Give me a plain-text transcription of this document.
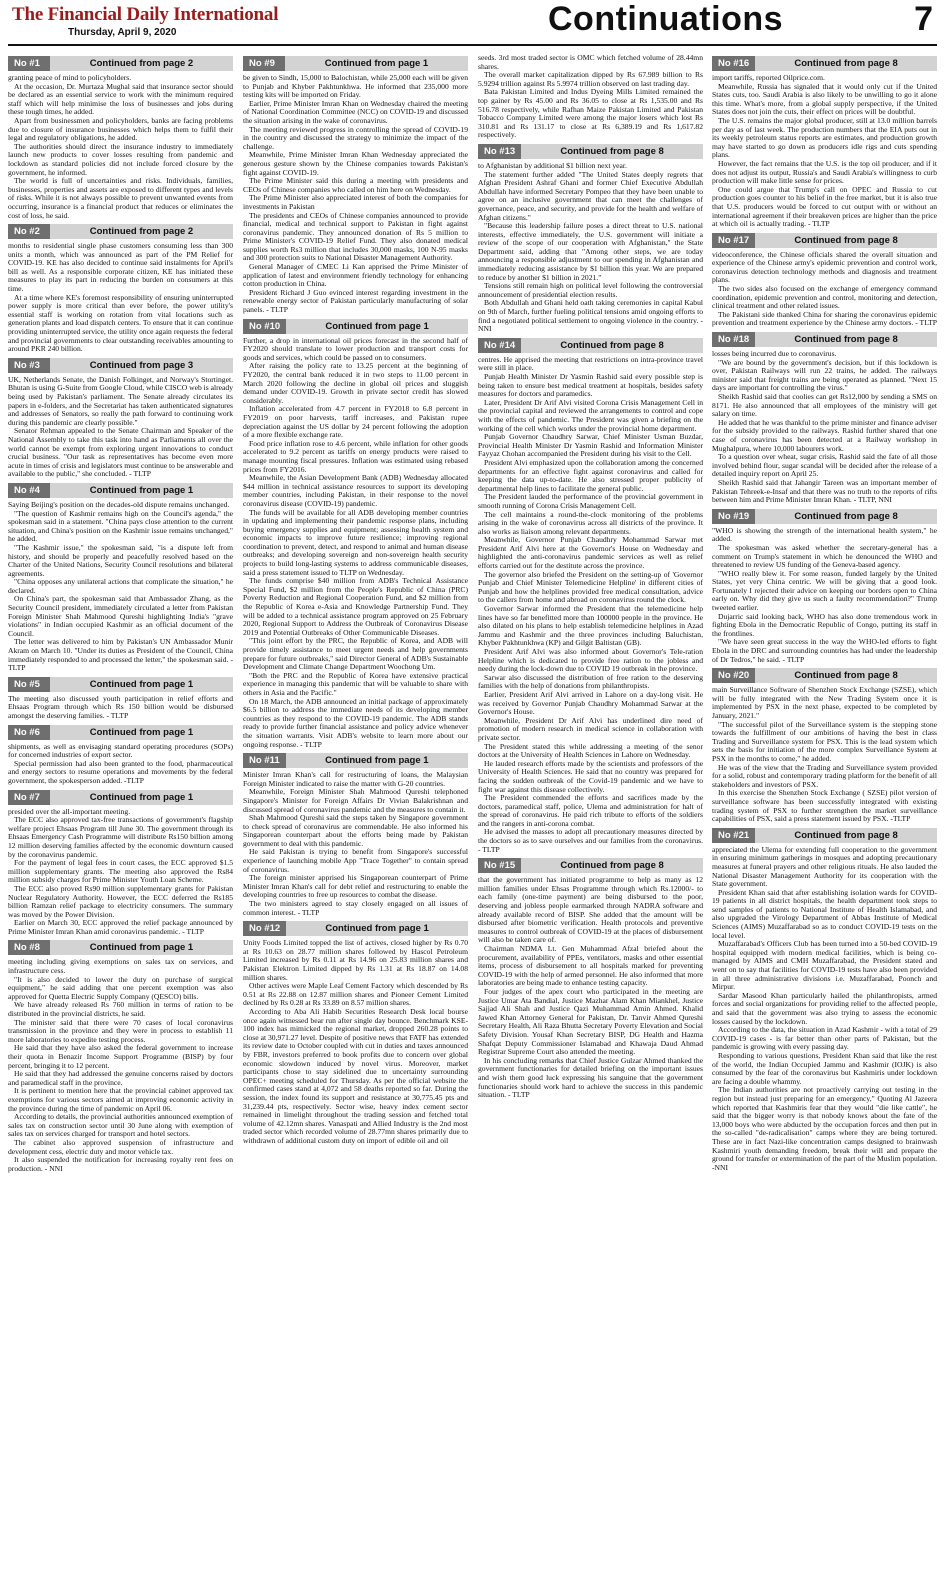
The Financial Daily International
Thursday, April 9, 2020	Continuations	7
No #1	Continued from page 2

granting peace of mind to policyholders.

At the occasion, Dr. Murtaza Mughal said that insurance sector should be declared as an essential service to work with the minimum required staff which will help minimise the loss of businesses and jobs during these tough times, he added.

Apart from businessmen and policyholders, banks are facing problems due to closure of insurance businesses which helps them to fulfil their legal and regulatory obligations, he added.

The authorities should direct the insurance industry to immediately launch new products to cover losses resulting from pandemic and lockdown as standard policies did not include forced closure by the government, he informed.

The world is full of uncertainties and risks. Individuals, families, businesses, properties and assets are exposed to different types and levels of risks. While it is not always possible to prevent unwanted events from occurring, insurance is a financial product that reduces or eliminates the cost of loss, he said.

No #2	Continued from page 2

months to residential single phase customers consuming less than 300 units a month, which was announced as part of the PM Relief for COVID-19. KE has also decided to continue said instalments for April's bill as well. As a responsible corporate citizen, KE has initiated these measures to play its part in reducing the burden on consumers at this time.

At a time where KE's foremost responsibility of ensuring uninterrupted power supply is more critical than ever before, the power utility's essential staff is working on rotation from vital locations such as generation plants and load dispatch centers. To ensure that it can continue providing uninterrupted service, the utility once again requests the federal and provincial governments to clear outstanding receivables amounting to around PKR 240 billion.

No #3	Continued from page 3

UK, Netherlands Senate, the Danish Folkinget, and Norway's Stortinget. Bhutan is using G-Suite from Google Cloud, while CISCO web is already being used by Pakistan's parliament. The Senate already circulates its papers in e-folders, and the Secretariat has taken authenticated signatures and addresses of Senators, so really the path forward to continuing work during this pandemic are clearly possible."

Senator Rehman appealed to the Senate Chairman and Speaker of the National Assembly to take this task into hand as Parliaments all over the world cannot be exempt from exploring urgent innovations to conduct crucial business. "Our task as representatives has become even more acute in times of crisis and legislators must continue to be answerable and available to the public," she concluded. - TLTP

No #4	Continued from page 1

Saying Beijing's position on the decades-old dispute remains unchanged.

"The question of Kashmir remains high on the Council's agenda," the spokesman said in a statement. "China pays close attention to the current situation, and China's position on the Kashmir issue remains unchanged," he added.

"The Kashmir issue," the spokesman said, "is a dispute left from history, and should be properly and peacefully resolved based on the Charter of the United Nations, Security Council resolutions and bilateral agreements.

"China opposes any unilateral actions that complicate the situation," he declared.

On China's part, the spokesman said that Ambassador Zhang, as the Security Council president, immediately circulated a letter from Pakistan Foreign Minister Shah Mahmood Qureshi highlighting India's "grave violations" in Indian occupied Kashmir as an official document of the Council.

The letter was delivered to him by Pakistan's UN Ambassador Munir Akram on March 10. "Under its duties as President of the Council, China immediately responded to and processed the letter," the spokesman said. - TLTP

No #5	Continued from page 1

The meeting also discussed youth participation in relief efforts and Ehsaas Program through which Rs 150 billion would be disbursed amongst the deserving families. - TLTP

No #6	Continued from page 1

shipments, as well as envisaging standard operating procedures (SOPs) for concerned industries of export sector.

Special permission had also been granted to the food, pharmaceutical and energy sectors to resume operations and movements by the federal government, the spokesperson added. -TLTP

No #7	Continued from page 1

presided over the all-important meeting.

The ECC also approved tax-free transactions of government's flagship welfare project Ehsaas Program till June 30. The government through its Ehsaas Emergency Cash Programme will distribute Rs150 billion among 12 million deserving families affected by the economic downturn caused by the coronavirus pandemic.

For the payment of legal fees in court cases, the ECC approved $1.5 million supplementary grants. The meeting also approved the Rs84 million subsidy charges for Prime Minister Youth Loan Scheme.

The ECC also proved Rs90 million supplementary grants for Pakistan Nuclear Regulatory Authority. However, the ECC deferred the Rs185 billion Ramzan relief package to electricity consumers. The summary was moved by the Power Division.

Earlier on March 30, ECC approved the relief package announced by Prime Minister Imran Khan amid coronavirus pandemic. - TLTP

No #8	Continued from page 1

meeting including giving exemptions on sales tax on services, and infrastructure cess.

"It is also decided to lower the duty on purchase of surgical equipment," he said adding that one percent exemption was also approved for Quetta Electric Supply Company (QESCO) bills.

We have already released Rs 760 million in terms of ration to be distributed in the provincial districts, he said.

The minister said that there were 70 cases of local coronavirus transmission in the province and they were in process to establish 11 more laboratories to expedite testing process.

He said that they have also asked the federal government to increase their quota in Benazir Income Support Programme (BISP) by four percent, bringing it to 12 percent.

He said that they had addressed the genuine concerns raised by doctors and paramedical staff in the province.

It is pertinent to mention here that the provincial cabinet approved tax exemptions for various sectors aimed at improving economic activity in the province during the time of pandemic on April 06.

According to details, the provincial authorities announced exemption of sales tax on construction sector until 30 June along with exemption of sales tax on services charged for transport and hotel sectors.

The cabinet also approved suspension of infrastructure and development cess, electric duty and motor vehicle tax.

It also suspended the notification for increasing royalty rent fees on production. - NNI

No #9	Continued from page 1

be given to Sindh, 15,000 to Balochistan, while 25,000 each will be given to Punjab and Khyber Pakhtunkhwa. He informed that 235,000 more testing kits will be imported on Friday.

Earlier, Prime Minister Imran Khan on Wednesday chaired the meeting of National Coordination Committee (NCC) on COVID-19 and discussed the situation arising in the wake of coronavirus.

The meeting reviewed progress in controlling the spread of COVID-19 in the country and discussed the strategy to minimize the impact of the challenge.

Meanwhile, Prime Minister Imran Khan Wednesday appreciated the generous gesture shown by the Chinese companies towards Pakistan's fight against COVID-19.

The Prime Minister said this during a meeting with presidents and CEOs of Chinese companies who called on him here on Wednesday.

The Prime Minister also appreciated interest of both the companies for investments in Pakistan

The presidents and CEOs of Chinese companies announced to provide financial, medical and technical support to Pakistan in fight against coronavirus pandemic. They announced donation of Rs 5 million to Prime Minister's COVID-19 Relief Fund. They also donated medical supplies worth Rs3 million that includes 30,000 masks, 100 N-95 masks and 300 protection suits to National Disaster Management Authority.

General Manager of CMEC Li Kan apprised the Prime Minister of application of latest and environment friendly technology for enhancing cotton production in China.

President Richard J Guo evinced interest regarding investment in the renewable energy sector of Pakistan particularly manufacturing of solar panels. - TLTP

No #10	Continued from page 1

Further, a drop in international oil prices forecast in the second half of FY2020 should translate to lower production and transport costs for goods and services, which could be passed on to consumers.

After raising the policy rate to 13.25 percent at the beginning of FY2020, the central bank reduced it in two steps to 11.00 percent in March 2020 following the decline in global oil prices and sluggish demand under COVID-19. Growth in private sector credit has slowed considerably.

Inflation accelerated from 4.7 percent in FY2018 to 6.8 percent in FY2019 on poor harvests, tariff increases, and Pakistan rupee depreciation against the US dollar by 24 percent following the adoption of a more flexible exchange rate.

Food price inflation rose to 4.6 percent, while inflation for other goods accelerated to 9.2 percent as tariffs on energy products were raised to manage mounting fiscal pressures. Inflation was estimated using rebased prices from FY2016.

Meanwhile, the Asian Development Bank (ADB) Wednesday allocated $44 million in technical assistance resources to support its developing member countries, including Pakistan, in their response to the novel coronavirus disease (COVID-19) pandemic.

The funds will be available for all ADB developing member countries in updating and implementing their pandemic response plans, including buying emergency supplies and equipment; assessing health system and economic impacts to improve future resilience; improving regional coordination to prevent, detect, and respond to animal and human disease outbreaks; and developing sovereign and non-sovereign health security projects to build long-lasting systems to address communicable diseases, said a press statement issued to TLTP on Wednesday.

The funds comprise $40 million from ADB's Technical Assistance Special Fund, $2 million from the People's Republic of China (PRC) Poverty Reduction and Regional Cooperation Fund, and $2 million from the Republic of Korea e-Asia and Knowledge Partnership Fund. They will be added to a technical assistance program approved on 25 February 2020, Regional Support to Address the Outbreak of Coronavirus Disease 2019 and Potential Outbreaks of Other Communicable Diseases.

"This joint effort by the PRC, the Republic of Korea, and ADB will provide timely assistance to meet urgent needs and help governments prepare for future outbreaks," said Director General of ADB's Sustainable Development and Climate Change Department Woochong Um.

"Both the PRC and the Republic of Korea have extensive practical experience in managing this pandemic that will be valuable to share with others in Asia and the Pacific."

On 18 March, the ADB announced an initial package of approximately $6.5 billion to address the immediate needs of its developing member countries as they respond to the COVID-19 pandemic. The ADB stands ready to provide further financial assistance and policy advice whenever the situation warrants. Visit ADB's website to learn more about our ongoing response. - TLTP

No #11	Continued from page 1

Minister Imran Khan's call for restructuring of loans, the Malaysian Foreign Minister indicated to raise the matter with G-20 countries.

Meanwhile, Foreign Minister Shah Mahmood Qureshi telephoned Singapore's Minister for Foreign Affairs Dr Vivian Balakrishnan and discussed spread of coronavirus pandemic and the measures to contain it.

Shah Mahmood Qureshi said the steps taken by Singapore government to check spread of coronavirus are commendable. He also informed his Singaporean counterpart about the efforts being made by Pakistan government to deal with this pandemic.

He said Pakistan is trying to benefit from Singapore's successful experience of launching mobile App "Trace Together" to contain spread of coronavirus.

The foreign minister apprised his Singaporean counterpart of Prime Minister Imran Khan's call for debt relief and restructuring to enable the developing countries to free up resources to combat the disease.

The two ministers agreed to stay closely engaged on all issues of common interest. - TLTP

No #12	Continued from page 1

Unity Foods Limited topped the list of actives, closed higher by Rs 0.70 at Rs 10.63 on 28.77 million shares followed by Hascol Petroleum Limited increased by Rs 0.11 at Rs 14.96 on 25.83 million shares and Pakistan Elektron Limited dipped by Rs 1.31 at Rs 18.87 on 14.08 million shares.

Other actives were Maple Leaf Cement Factory which descended by Rs 0.51 at Rs 22.88 on 12.87 million shares and Pioneer Cement Limited declined by Rs 0.28 at Rs 33.89 on 8.57 million shares.

According to Aba Ali Habib Securities Research Desk local bourse once again witnessed bear run after single day bounce. Benchmark KSE-100 index has mimicked the regional market, dropped 260.28 points to close at 30,971.27 level. Despite of positive news that FATF has extended its review date to October coupled with cut in duties and taxes announced by FBR, investors preferred to book profits due to concern over global economic slowdown induced by novel virus. Moreover, market participants chose to stay sidelined due to uncertainty surrounding OPEC+ meeting scheduled for Thursday. As per the official website the confirmed cases stand at 4,072 and 58 deaths reported so far. During the session, the index found its support and resistance at 30,775.45 pts and 31,239.44 pts, respectively. Sector wise, heavy index cement sector remained in limelight throughout the trading session and fetched total volume of 42.12mn shares. Vanaspati and Allied Industry is the 2nd most traded sector which recorded volume of 28.77mn shares primarily due to withdrawn of additional custom duty on import of edible oil and oil

seeds. 3rd most traded sector is OMC which fetched volume of 28.44mn shares.

The overall market capitalization dipped by Rs 67.989 billion to Rs 5.9294 trillion against Rs 5.9974 trillion observed on last trading day.

Bata Pakistan Limited and Indus Dyeing Mills Limited remained the top gainer by Rs 45.00 and Rs 36.05 to close at Rs 1,535.00 and Rs 516.78 respectively, while Rafhan Maize Pakistan Limited and Pakistan Tobacco Company Limited were among the major losers which lost Rs 310.81 and Rs 131.17 to close at Rs 6,389.19 and Rs 1,617.82 respectively.

No #13	Continued from page 8

to Afghanistan by additional $1 billion next year.

The statement further added "The United States deeply regrets that Afghan President Ashraf Ghani and former Chief Executive Abdullah Abdullah have informed Secretary Pompeo that they have been unable to agree on an inclusive government that can meet the challenges of governance, peace, and security, and provide for the health and welfare of Afghan citizens."

"Because this leadership failure poses a direct threat to U.S. national interests, effective immediately, the U.S. government will initiate a review of the scope of our cooperation with Afghanistan," the State Department said, adding that "Among other steps, we are today announcing a responsible adjustment to our spending in Afghanistan and immediately reducing assistance by $1 billion this year. We are prepared to reduce by another $1 billion in 2021."

Tensions still remain high on political level following the controversial announcement of presidential election results.

Both Abdullah and Ghani held oath taking ceremonies in capital Kabul on 9th of March, further fueling political tensions amid ongoing efforts to find a negotiated political settlement to ongoing violence in the country. - NNI

No #14	Continued from page 8

centres. He apprised the meeting that restrictions on intra-province travel were still in place.

Punjab Health Minister Dr Yasmin Rashid said every possible step is being taken to ensure best medical treatment at hospitals, besides safety measures for doctors and paramedics.

Later, President Dr Arif Alvi visited Corona Crisis Management Cell in the provincial capital and reviewed the arrangements to control and cope with the effects of pandemic. The President was given a briefing on the working of the cell which works under the provincial home department.

Punjab Governor Chaudhry Sarwar, Chief Minister Usman Buzdar, Provincial Health Minister Dr Yasmin Rashid and Information Minister Fayyaz Chohan accompanied the President during his visit to the Cell.

President Alvi emphasized upon the collaboration among the concerned departments for an effective fight against coronavirus and called for keeping the data up-to-date. He also stressed proper publicity of departmental help lines to facilitate the general public.

The President lauded the performance of the provincial government in smooth running of Corona Crisis Management Cell.

The cell maintains a round-the-clock monitoring of the problems arising in the wake of coronavirus across all districts of the province. It also works as liaison among relevant departments.

Meanwhile, Governor Punjab Chaudhry Mohammad Sarwar met President Arif Alvi here at the Governor's House on Wednesday and highlighted the anti-coronavirus pandemic services as well as relief efforts carried out for the destitute across the province.

The governor also briefed the President on the setting-up of 'Governor Punjab and Chief Minister Telemedicine Helpline' in different cities of Punjab and how the helplines provided free medical consultation, advice to the callers from home and abroad on coronavirus round the clock.

Governor Sarwar informed the President that the telemedicine help lines have so far benefitted more than 100000 people in the province. He also dilated on his plans to help establish telemedicine helplines in Azad Jammu and Kashmir and the three provinces including Baluchistan, Khyber Pakhtunkhwa (KP) and Gilgit Baltistan (GB).

President Arif Alvi was also informed about Governor's Tele-ration Helpline which is dedicated to provide free ration to the jobless and needy during the lock-down due to COVID 19 outbreak in the province.

Sarwar also discussed the distribution of free ration to the deserving families with the help of donations from philanthropists.

Earlier, President Arif Alvi arrived in Lahore on a day-long visit. He was received by Governor Punjab Chaudhry Mohammad Sarwar at the Governor's House.

Meanwhile, President Dr Arif Alvi has underlined dire need of promotion of modern research in medical science in collaboration with private sector.

The President stated this while addressing a meeting of the senor doctors at the University of Health Sciences in Lahore on Wednesday.

He lauded research efforts made by the scientists and professors of the University of Health Sciences. He said that no country was prepared for facing the sudden outbreak of the Covid-19 pandemic and we have to fight war against this disease collectively.

The President commended the efforts and sacrifices made by the doctors, paramedical staff, police, Ulema and administration for halt of the spread of coronavirus. He paid rich tribute to efforts of the soldiers and the rangers in anti-corona combat.

He advised the masses to adopt all precautionary measures directed by the doctors so as to save ourselves and our families from the coronavirus. - TLTP

No #15	Continued from page 8

that the government has initiated programme to help as many as 12 million families under Ehsas Programme through which Rs.12000/- to each family (one-time payment) are being disbursed to the poor, deserving and jobless people earmarked through NADRA software and already available record of BISP. She added that the amount will be disbursed after biometric verification. Health protocols and preventive measures to control outbreak of COVID-19 at the places of disbursement will also be taken care of.

Chairman NDMA Lt. Gen Muhammad Afzal briefed about the procurement, availability of PPEs, ventilators, masks and other essential items, process of disbursement to all hospitals marked for preventing COVID-19 with the help of armed personnel. He also informed that more laboratories are being made to enhance testing capacity.

Four judges of the apex court who participated in the meeting are Justice Umar Ata Bandial, Justice Mazhar Alam Khan Miankhel, Justice Sajjad Ali Shah and Justice Qazi Muhammad Amin Ahmed. Khalid Jawed Khan Attorney General for Pakistan, Dr. Tanvir Ahmed Qureshi Secretary Health, Ali Raza Bhutta Secretary Poverty Elevation and Social Safety Division. Yousaf Khan Secretary BISP, DG Health and Hazma Shafqat Deputy Commissioner Islamabad and Khawaja Daud Ahmad Registrar Supreme Court also attended the meeting.

In his concluding remarks that Chief Justice Gulzar Ahmed thanked the government functionaries for detailed briefing on the important issues and wish them good luck expressing his sanguine that the government functionaries should work hard to achieve the success in this pandemic situation. - TLTP

No #16	Continued from page 8

import tariffs, reported Oilprice.com.

Meanwhile, Russia has signaled that it would only cut if the United States cuts, too. Saudi Arabia is also likely to be unwilling to go it alone this time. What's more, from a global supply perspective, if the United States does not join the cuts, their effect on prices will be doubtful.

The U.S. remains the major global producer, still at 13.0 million barrels per day as of last week. The production numbers that the EIA puts out in its weekly petroleum status reports are estimates, and production growth may have started to go down as producers idle rigs and cuts spending plans.

However, the fact remains that the U.S. is the top oil producer, and if it does not adjust its output, Russia's and Saudi Arabia's willingness to curb production will make little sense for prices.

One could argue that Trump's call on OPEC and Russia to cut production goes counter to his belief in the free market, but it is also true that U.S. producers would be forced to cut output with or without an international agreement if their breakeven prices are higher than the price at which oil is actually trading. - TLTP

No #17	Continued from page 8

videoconference, the Chinese officials shared the overall situation and experience of the Chinese army's epidemic prevention and control work, coronavirus detection technology methods and diagnosis and treatment plans.

The two sides also focused on the exchange of emergency command coordination, epidemic prevention and control, monitoring and detection, clinical treatment and other related issues.

The Pakistani side thanked China for sharing the coronavirus epidemic prevention and treatment experience by the Chinese army doctors. - TLTP

No #18	Continued from page 8

losses being incurred due to coronavirus.

"We are bound by the government's decision, but if this lockdown is over, Pakistan Railways will run 22 trains, he added. The railways minister said that freight trains are being operated as planned. "Next 15 days are important for controlling the virus."

Sheikh Rashid said that coolies can get Rs12,000 by sending a SMS on 8171. He also announced that all employees of the ministry will get salary on time.

He added that he was thankful to the prime minister and finance adviser for the subsidy provided to the railways. Rashid further shared that one case of coronavirus has been detected at a Railway workshop in Mughalpura, where 10,000 labourers work.

To a question over wheat, sugar crisis, Rashid said the fate of all those involved behind flour, sugar scandal will be decided after the release of a detailed inquiry report on April 25.

Sheikh Rashid said that Jahangir Tareen was an important member of Pakistan Tehreek-e-Insaf and that there was no truth to the reports of rifts between him and Prime Minister Imran Khan. - TLTP, NNI

No #19	Continued from page 8

"WHO is showing the strength of the international health system," he added.

The spokesman was asked whether the secretary-general has a comment on Trump's statement in which he denounced the WHO and threatened to review US funding of the Geneva-based agency.

"WHO really blew it. For some reason, funded largely by the United States, yet very China centric. We will be giving that a good look. Fortunately I rejected their advice on keeping our borders open to China early on. Why did they give us such a faulty recommendation?" Trump tweeted earlier.

Dujarric said looking back, WHO has also done tremendous work in fighting Ebola in the Democratic Republic of Congo, putting its staff in the frontlines.

"We have seen great success in the way the WHO-led efforts to fight Ebola in the DRC and surrounding countries has had under the leadership of Dr Tedros," he said. - TLTP

No #20	Continued from page 8

main Surveillance Software of Shenzhen Stock Exchange (SZSE), which will be fully integrated with the New Trading System once it is implemented by PSX in the next phase, expected to be completed by January, 2021."

"The successful pilot of the Surveillance system is the stepping stone towards the fulfillment of our ambitions of having the best in class Trading and Surveillance system for PSX. This is the lead system which sets the basis for initiation of the more complex Surveillance System at PSX in the months to come," he added.

He was of the view that the Trading and Surveillance system provided for a solid, robust and contemporary trading platform for the benefit of all stakeholders and investors of PSX.

In this exercise the Shenzhen Stock Exchange ( SZSE) pilot version of surveillance software has been successfully integrated with existing trading system of PSX to further strengthen the market surveillance capabilities of PSX, said a press statement issued by PSX. -TLTP

No #21	Continued from page 8

appreciated the Ulema for extending full cooperation to the government in ensuring minimum gatherings in mosques and adopting precautionary measures at funeral prayers and other religious rituals. He also lauded the National Disaster Management Authority for its cooperation with the State government.

President Khan said that after establishing isolation wards for COVID-19 patients in all district hospitals, the health department took steps to send samples of patients to National Institute of Health Islamabad, and also upgraded the Virology Department of Abbas Institute of Medical Sciences (AIMS) Muzaffarabad so as to conduct COVID-19 tests on the local level.

Muzaffarabad's Officers Club has been turned into a 50-bed COVID-19 hospital equipped with modern medical facilities, which is being co-managed by AIMS and CMH Muzaffarabad, the President stated and went on to say that facilities for COVID-19 tests have also been provided in all three administrative divisions i.e. Muzaffarabad, Poonch and Mirpur.

Sardar Masood Khan particularly hailed the philanthropists, armed forces and social organizations for providing relief to the affected people, and said that the government was also trying to assess the economic losses caused by the lockdown.

According to the data, the situation in Azad Kashmir - with a total of 29 COVID-19 cases - is far better than other parts of Pakistan, but the pandemic is growing with every passing day.

Responding to various questions, President Khan said that like the rest of the world, the Indian Occupied Jammu and Kashmir (IOJK) is also consumed by the fear of the coronavirus but Kashmiris under lockdown are facing a double whammy.

The Indian authorities are not proactively carrying out testing in the region but instead just preparing for an emergency," Quoting Al Jazeera which reported that Kashmiris fear that they would "die like cattle", he said that the bigger worry is that nobody knows about the fate of the 13,000 boys who were abducted by the occupation forces and then put in the so-called "de-radicalisation" camps where they are being tortured. These are in fact Nazi-like concentration camps designed to brainwash Kashmiri youth demanding freedom, break their will and prepare the ground for transfer or extermination of the part of the Muslim population. -NNI
